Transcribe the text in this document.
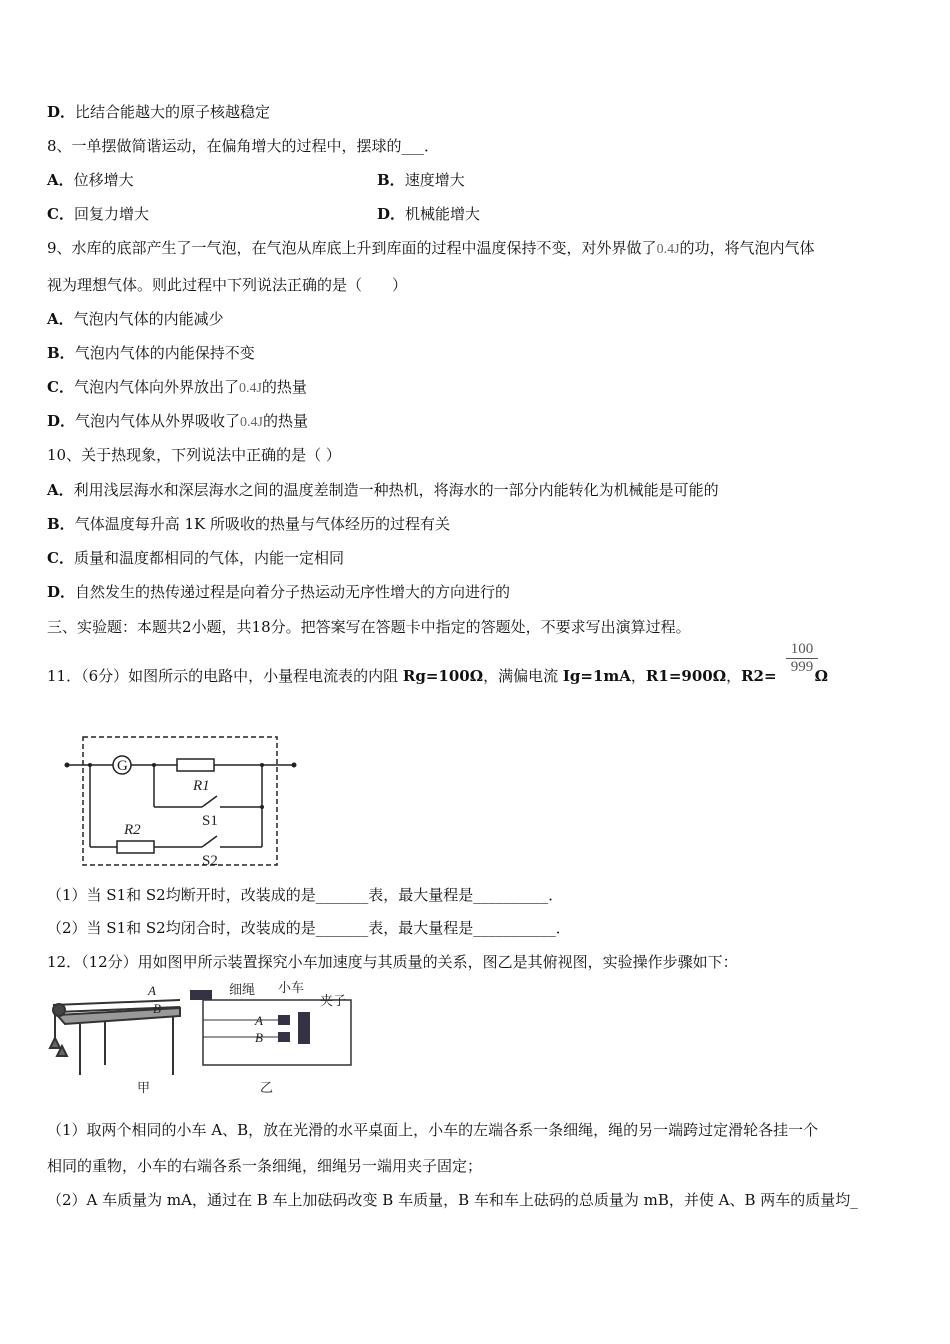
D．比结合能越大的原子核越稳定
8、一单摆做简谐运动，在偏角增大的过程中，摆球的___．
A．位移增大	B．速度增大
C．回复力增大	D．机械能增大
9、水库的底部产生了一气泡，在气泡从库底上升到库面的过程中温度保持不变，对外界做了0.4J的功，将气泡内气体
视为理想气体。则此过程中下列说法正确的是（　　）
A．气泡内气体的内能减少
B．气泡内气体的内能保持不变
C．气泡内气体向外界放出了0.4J的热量
D．气泡内气体从外界吸收了0.4J的热量
10、关于热现象，下列说法中正确的是（ ）
A．利用浅层海水和深层海水之间的温度差制造一种热机，将海水的一部分内能转化为机械能是可能的
B．气体温度每升高 1K 所吸收的热量与气体经历的过程有关
C．质量和温度都相同的气体，内能一定相同
D．自然发生的热传递过程是向着分子热运动无序性增大的方向进行的
三、实验题：本题共2小题，共18分。把答案写在答题卡中指定的答题处，不要求写出演算过程。
$\frac{100}{999}$
11．（6分）如图所示的电路中，小量程电流表的内阻 Rg=100Ω，满偏电流 Ig=1mA，R1=900Ω，R2=	Ω
G
R1
R2
S1
S2
（1）当 S1和 S2均断开时，改装成的是_______表，最大量程是__________．
（2）当 S1和 S2均闭合时，改装成的是_______表，最大量程是___________．
12．（12分）用如图甲所示装置探究小车加速度与其质量的关系，图乙是其俯视图，实验操作步骤如下：
A
B
A
B
细绳 小车
夹子
甲	乙
（1）取两个相同的小车 A、B，放在光滑的水平桌面上，小车的左端各系一条细绳，绳的另一端跨过定滑轮各挂一个
相同的重物，小车的右端各系一条细绳，细绳另一端用夹子固定；
（2）A 车质量为 mA，通过在 B 车上加砝码改变 B 车质量，B 车和车上砝码的总质量为 mB，并使 A、B 两车的质量均_
